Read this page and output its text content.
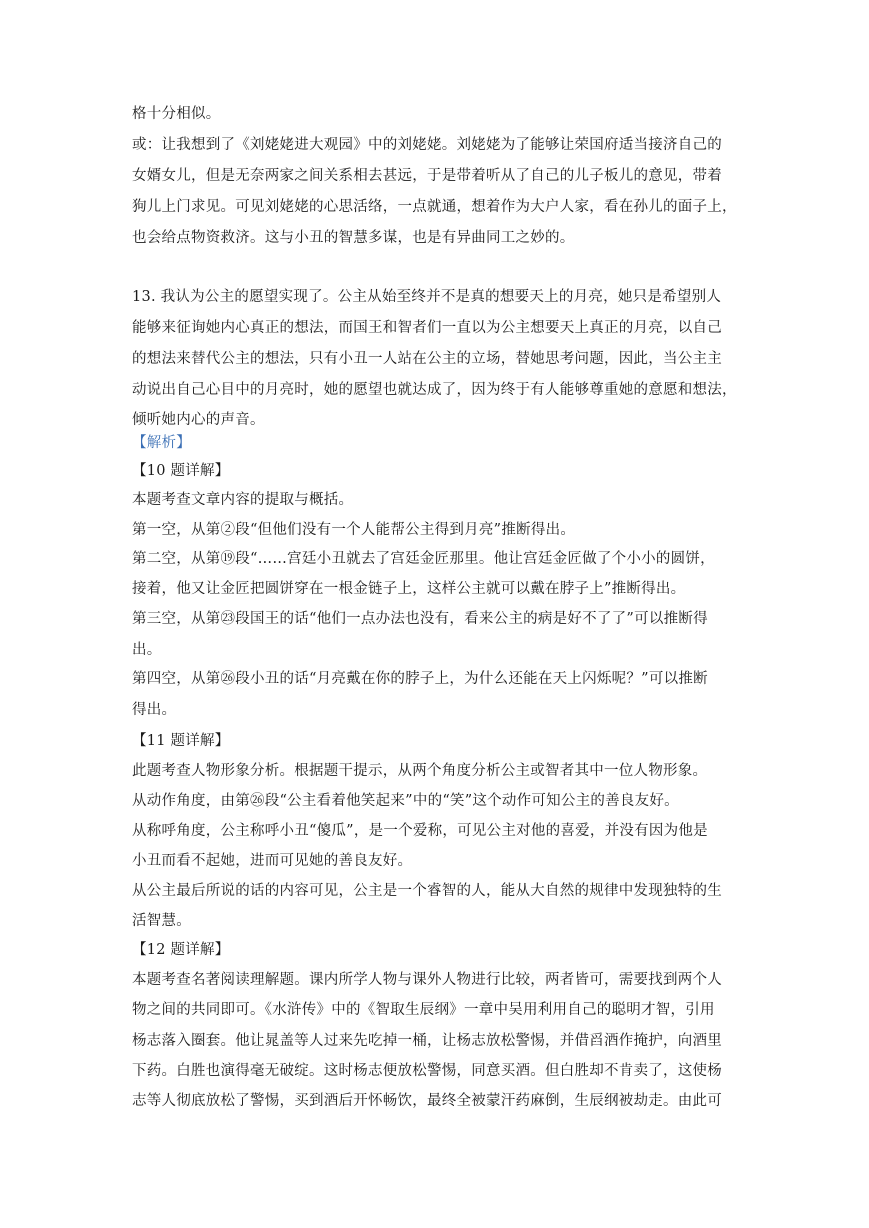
格十分相似。
或：让我想到了《刘姥姥进大观园》中的刘姥姥。刘姥姥为了能够让荣国府适当接济自己的
女婿女儿，但是无奈两家之间关系相去甚远，于是带着听从了自己的儿子板儿的意见，带着
狗儿上门求见。可见刘姥姥的心思活络，一点就通，想着作为大户人家，看在孙儿的面子上，
也会给点物资救济。这与小丑的智慧多谋，也是有异曲同工之妙的。
13. 我认为公主的愿望实现了。公主从始至终并不是真的想要天上的月亮，她只是希望别人
能够来征询她内心真正的想法，而国王和智者们一直以为公主想要天上真正的月亮，以自己
的想法来替代公主的想法，只有小丑一人站在公主的立场，替她思考问题，因此，当公主主
动说出自己心目中的月亮时，她的愿望也就达成了，因为终于有人能够尊重她的意愿和想法，
倾听她内心的声音。
【解析】
【10 题详解】
本题考查文章内容的提取与概括。
第一空，从第②段“但他们没有一个人能帮公主得到月亮”推断得出。
第二空，从第⑲段“……宫廷小丑就去了宫廷金匠那里。他让宫廷金匠做了个小小的圆饼，
接着，他又让金匠把圆饼穿在一根金链子上，这样公主就可以戴在脖子上”推断得出。
第三空，从第㉓段国王的话“他们一点办法也没有，看来公主的病是好不了了”可以推断得
出。
第四空，从第㉖段小丑的话“月亮戴在你的脖子上，为什么还能在天上闪烁呢？”可以推断
得出。
【11 题详解】
此题考查人物形象分析。根据题干提示，从两个角度分析公主或智者其中一位人物形象。
从动作角度，由第㉖段“公主看着他笑起来”中的“笑”这个动作可知公主的善良友好。
从称呼角度，公主称呼小丑“傻瓜”，是一个爱称，可见公主对他的喜爱，并没有因为他是
小丑而看不起她，进而可见她的善良友好。
从公主最后所说的话的内容可见，公主是一个睿智的人，能从大自然的规律中发现独特的生
活智慧。
【12 题详解】
本题考查名著阅读理解题。课内所学人物与课外人物进行比较，两者皆可，需要找到两个人
物之间的共同即可。《水浒传》中的《智取生辰纲》一章中吴用利用自己的聪明才智，引用
杨志落入圈套。他让晁盖等人过来先吃掉一桶，让杨志放松警惕，并借舀酒作掩护，向酒里
下药。白胜也演得毫无破绽。这时杨志便放松警惕，同意买酒。但白胜却不肯卖了，这使杨
志等人彻底放松了警惕，买到酒后开怀畅饮，最终全被蒙汗药麻倒，生辰纲被劫走。由此可
